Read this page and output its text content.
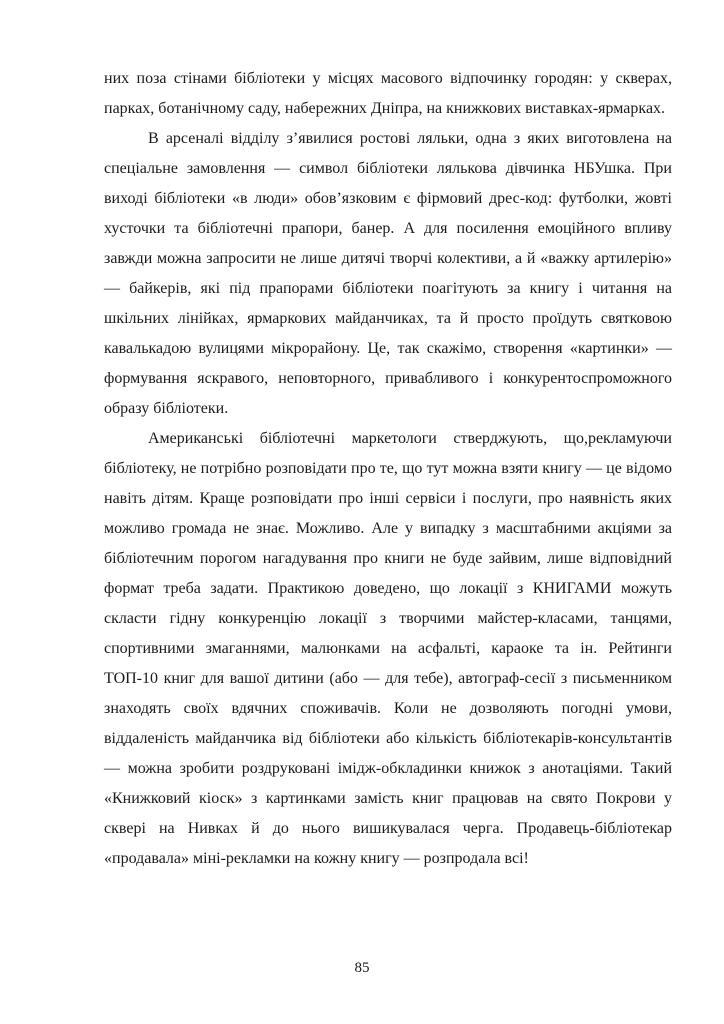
них поза стінами бібліотеки у місцях масового відпочинку городян: у скверах, парках, ботанічному саду, набережних Дніпра, на книжкових виставках-ярмарках.

В арсеналі відділу з’явилися ростові ляльки, одна з яких виготовлена на спеціальне замовлення — символ бібліотеки лялькова дівчинка НБУшка. При виході бібліотеки «в люди» обов’язковим є фірмовий дрес-код: футболки, жовті хусточки та бібліотечні прапори, банер. А для посилення емоційного впливу завжди можна запросити не лише дитячі творчі колективи, а й «важку артилерію» — байкерів, які під прапорами бібліотеки поагітують за книгу і читання на шкільних лінійках, ярмаркових майданчиках, та й просто проїдуть святковою кавалькадою вулицями мікрорайону. Це, так скажімо, створення «картинки» –– формування яскравого, неповторного, привабливого і конкурентоспроможного образу бібліотеки.

Американські бібліотечні маркетологи стверджують, що,рекламуючи бібліотеку, не потрібно розповідати про те, що тут можна взяти книгу — це відомо навіть дітям. Краще розповідати про інші сервіси і послуги, про наявність яких можливо громада не знає. Можливо. Але у випадку з масштабними акціями за бібліотечним порогом нагадування про книги не буде зайвим, лише відповідний формат треба задати. Практикою доведено, що локації з КНИГАМИ можуть скласти гідну конкуренцію локації з творчими майстер-класами, танцями, спортивними змаганнями, малюнками на асфальті, караоке та ін. Рейтинги ТОП-10 книг для вашої дитини (або — для тебе), автограф-сесії з письменником знаходять своїх вдячних споживачів. Коли не дозволяють погодні умови, віддаленість майданчика від бібліотеки або кількість бібліотекарів-консультантів — можна зробити роздруковані імідж-обкладинки книжок з анотаціями. Такий «Книжковий кіоск» з картинками замість книг працював на свято Покрови у сквері на Нивках й до нього вишикувалася черга. Продавець-бібліотекар «продавала» міні-рекламки на кожну книгу — розпродала всі!

85
